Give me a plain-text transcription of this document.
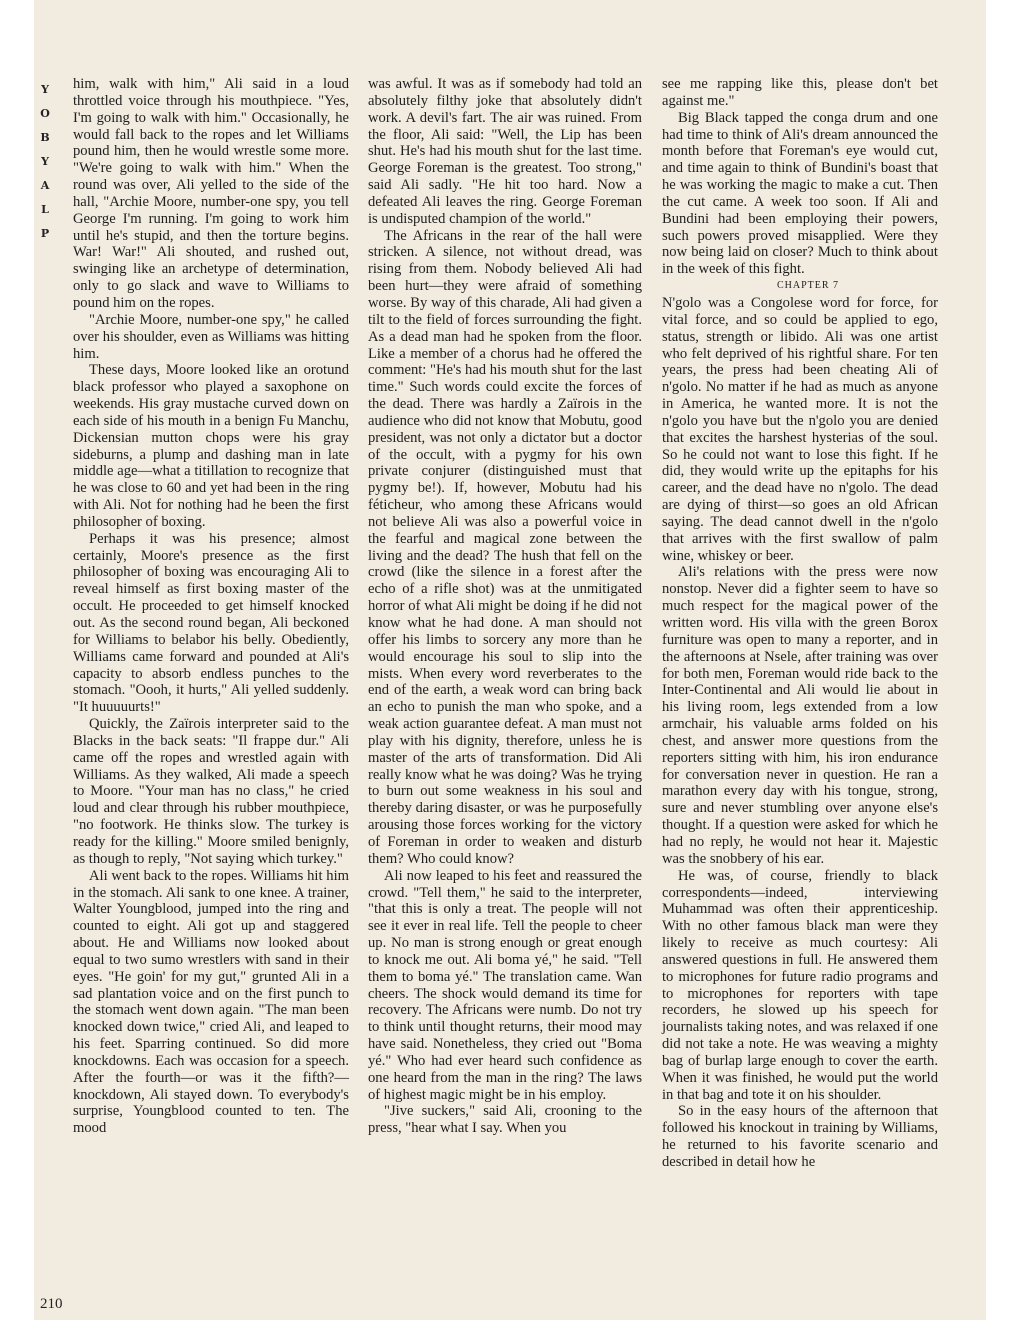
Y
O
B
Y
A
L
P

him, walk with him," Ali said in a loud throttled voice through his mouthpiece. "Yes, I'm going to walk with him." Occasionally, he would fall back to the ropes and let Williams pound him, then he would wrestle some more. "We're going to walk with him." When the round was over, Ali yelled to the side of the hall, "Archie Moore, number-one spy, you tell George I'm running. I'm going to work him until he's stupid, and then the torture begins. War! War!" Ali shouted, and rushed out, swinging like an archetype of determination, only to go slack and wave to Williams to pound him on the ropes.

"Archie Moore, number-one spy," he called over his shoulder, even as Williams was hitting him.

These days, Moore looked like an orotund black professor who played a saxophone on weekends. His gray mustache curved down on each side of his mouth in a benign Fu Manchu, Dickensian mutton chops were his gray sideburns, a plump and dashing man in late middle age—what a titillation to recognize that he was close to 60 and yet had been in the ring with Ali. Not for nothing had he been the first philosopher of boxing.

Perhaps it was his presence; almost certainly, Moore's presence as the first philosopher of boxing was encouraging Ali to reveal himself as first boxing master of the occult. He proceeded to get himself knocked out. As the second round began, Ali beckoned for Williams to belabor his belly. Obediently, Williams came forward and pounded at Ali's capacity to absorb endless punches to the stomach. "Oooh, it hurts," Ali yelled suddenly. "It huuuuurts!"

Quickly, the Zaïrois interpreter said to the Blacks in the back seats: "Il frappe dur." Ali came off the ropes and wrestled again with Williams. As they walked, Ali made a speech to Moore. "Your man has no class," he cried loud and clear through his rubber mouthpiece, "no footwork. He thinks slow. The turkey is ready for the killing." Moore smiled benignly, as though to reply, "Not saying which turkey."

Ali went back to the ropes. Williams hit him in the stomach. Ali sank to one knee. A trainer, Walter Youngblood, jumped into the ring and counted to eight. Ali got up and staggered about. He and Williams now looked about equal to two sumo wrestlers with sand in their eyes. "He goin' for my gut," grunted Ali in a sad plantation voice and on the first punch to the stomach went down again. "The man been knocked down twice," cried Ali, and leaped to his feet. Sparring continued. So did more knockdowns. Each was occasion for a speech. After the fourth—or was it the fifth?—knockdown, Ali stayed down. To everybody's surprise, Youngblood counted to ten. The mood

was awful. It was as if somebody had told an absolutely filthy joke that absolutely didn't work. A devil's fart. The air was ruined. From the floor, Ali said: "Well, the Lip has been shut. He's had his mouth shut for the last time. George Foreman is the greatest. Too strong," said Ali sadly. "He hit too hard. Now a defeated Ali leaves the ring. George Foreman is undisputed champion of the world."

The Africans in the rear of the hall were stricken. A silence, not without dread, was rising from them. Nobody believed Ali had been hurt—they were afraid of something worse. By way of this charade, Ali had given a tilt to the field of forces surrounding the fight. As a dead man had he spoken from the floor. Like a member of a chorus had he offered the comment: "He's had his mouth shut for the last time." Such words could excite the forces of the dead. There was hardly a Zaïrois in the audience who did not know that Mobutu, good president, was not only a dictator but a doctor of the occult, with a pygmy for his own private conjurer (distinguished must that pygmy be!). If, however, Mobutu had his féticheur, who among these Africans would not believe Ali was also a powerful voice in the fearful and magical zone between the living and the dead? The hush that fell on the crowd (like the silence in a forest after the echo of a rifle shot) was at the unmitigated horror of what Ali might be doing if he did not know what he had done. A man should not offer his limbs to sorcery any more than he would encourage his soul to slip into the mists. When every word reverberates to the end of the earth, a weak word can bring back an echo to punish the man who spoke, and a weak action guarantee defeat. A man must not play with his dignity, therefore, unless he is master of the arts of transformation. Did Ali really know what he was doing? Was he trying to burn out some weakness in his soul and thereby daring disaster, or was he purposefully arousing those forces working for the victory of Foreman in order to weaken and disturb them? Who could know?

Ali now leaped to his feet and reassured the crowd. "Tell them," he said to the interpreter, "that this is only a treat. The people will not see it ever in real life. Tell the people to cheer up. No man is strong enough or great enough to knock me out. Ali boma yé," he said. "Tell them to boma yé." The translation came. Wan cheers. The shock would demand its time for recovery. The Africans were numb. Do not try to think until thought returns, their mood may have said. Nonetheless, they cried out "Boma yé." Who had ever heard such confidence as one heard from the man in the ring? The laws of highest magic might be in his employ.

"Jive suckers," said Ali, crooning to the press, "hear what I say. When you

see me rapping like this, please don't bet against me."

Big Black tapped the conga drum and one had time to think of Ali's dream announced the month before that Foreman's eye would cut, and time again to think of Bundini's boast that he was working the magic to make a cut. Then the cut came. A week too soon. If Ali and Bundini had been employing their powers, such powers proved misapplied. Were they now being laid on closer? Much to think about in the week of this fight.

CHAPTER 7

N'golo was a Congolese word for force, for vital force, and so could be applied to ego, status, strength or libido. Ali was one artist who felt deprived of his rightful share. For ten years, the press had been cheating Ali of n'golo. No matter if he had as much as anyone in America, he wanted more. It is not the n'golo you have but the n'golo you are denied that excites the harshest hysterias of the soul. So he could not want to lose this fight. If he did, they would write up the epitaphs for his career, and the dead have no n'golo. The dead are dying of thirst—so goes an old African saying. The dead cannot dwell in the n'golo that arrives with the first swallow of palm wine, whiskey or beer.

Ali's relations with the press were now nonstop. Never did a fighter seem to have so much respect for the magical power of the written word. His villa with the green Borox furniture was open to many a reporter, and in the afternoons at Nsele, after training was over for both men, Foreman would ride back to the Inter-Continental and Ali would lie about in his living room, legs extended from a low armchair, his valuable arms folded on his chest, and answer more questions from the reporters sitting with him, his iron endurance for conversation never in question. He ran a marathon every day with his tongue, strong, sure and never stumbling over anyone else's thought. If a question were asked for which he had no reply, he would not hear it. Majestic was the snobbery of his ear.

He was, of course, friendly to black correspondents—indeed, interviewing Muhammad was often their apprenticeship. With no other famous black man were they likely to receive as much courtesy: Ali answered questions in full. He answered them to microphones for future radio programs and to microphones for reporters with tape recorders, he slowed up his speech for journalists taking notes, and was relaxed if one did not take a note. He was weaving a mighty bag of burlap large enough to cover the earth. When it was finished, he would put the world in that bag and tote it on his shoulder.

So in the easy hours of the afternoon that followed his knockout in training by Williams, he returned to his favorite scenario and described in detail how he

210
